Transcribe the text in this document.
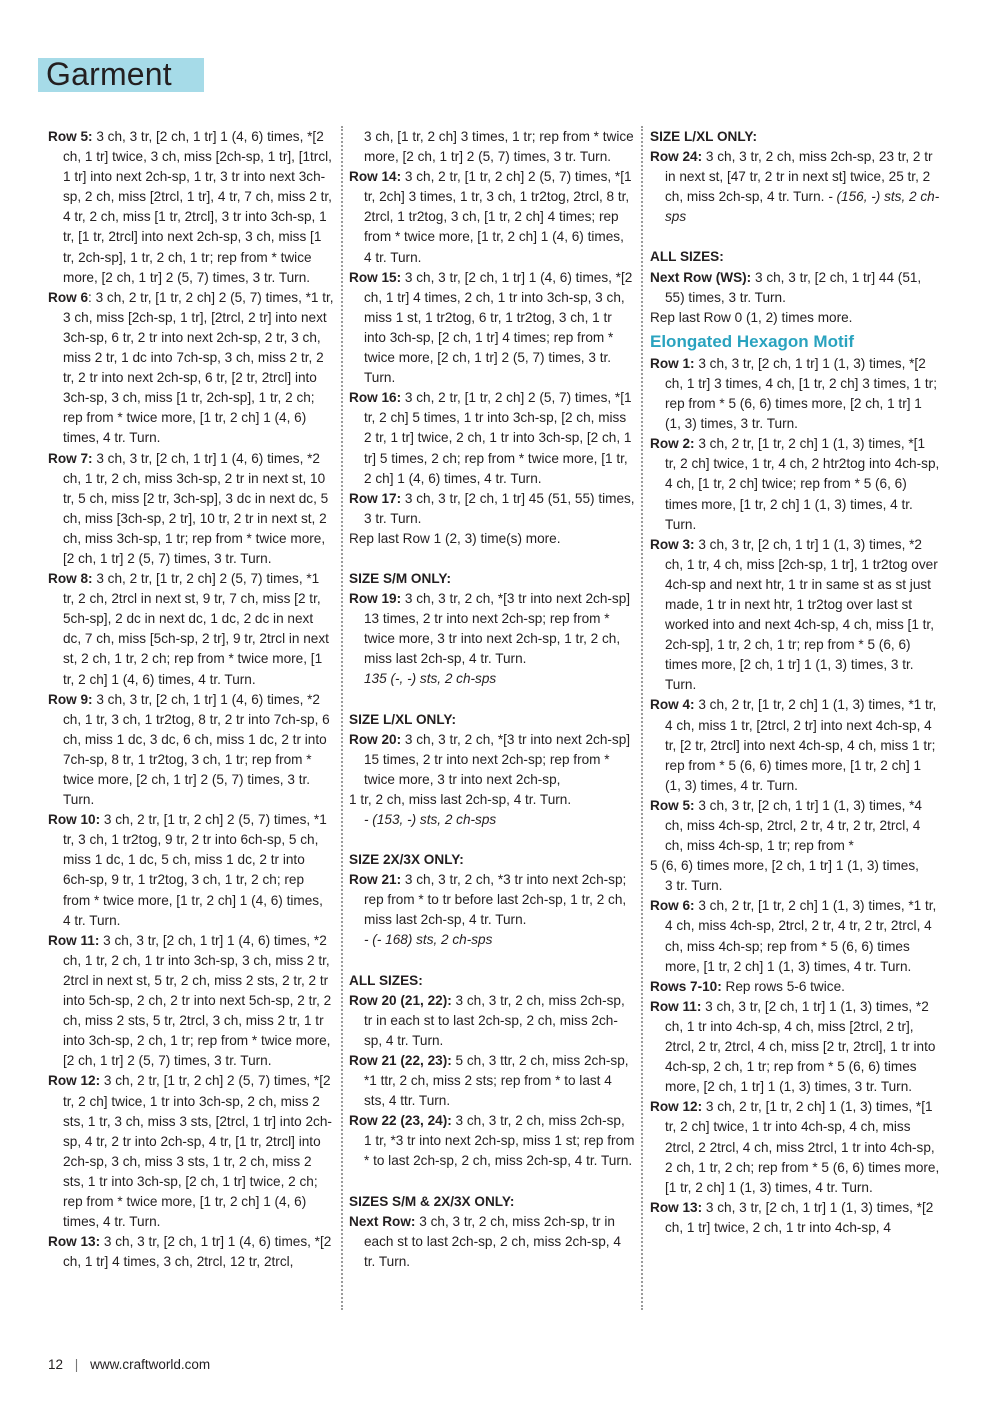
Garment

Row 5: 3 ch, 3 tr, [2 ch, 1 tr] 1 (4, 6) times, *[2 ch, 1 tr] twice, 3 ch, miss [2ch-sp, 1 tr], [1trcl, 1 tr] into next 2ch-sp, 1 tr, 3 tr into next 3ch-sp, 2 ch, miss [2trcl, 1 tr], 4 tr, 7 ch, miss 2 tr, 4 tr, 2 ch, miss [1 tr, 2trcl], 3 tr into 3ch-sp, 1 tr, [1 tr, 2trcl] into next 2ch-sp, 3 ch, miss [1 tr, 2ch-sp], 1 tr, 2 ch, 1 tr; rep from * twice more, [2 ch, 1 tr] 2 (5, 7) times, 3 tr. Turn.

Row 6: 3 ch, 2 tr, [1 tr, 2 ch] 2 (5, 7) times, *1 tr, 3 ch, miss [2ch-sp, 1 tr], [2trcl, 2 tr] into next 3ch-sp, 6 tr, 2 tr into next 2ch-sp, 2 tr, 3 ch, miss 2 tr, 1 dc into 7ch-sp, 3 ch, miss 2 tr, 2 tr, 2 tr into next 2ch-sp, 6 tr, [2 tr, 2trcl] into 3ch-sp, 3 ch, miss [1 tr, 2ch-sp], 1 tr, 2 ch; rep from * twice more, [1 tr, 2 ch] 1 (4, 6) times, 4 tr. Turn.

Row 7: 3 ch, 3 tr, [2 ch, 1 tr] 1 (4, 6) times, *2 ch, 1 tr, 2 ch, miss 3ch-sp, 2 tr in next st, 10 tr, 5 ch, miss [2 tr, 3ch-sp], 3 dc in next dc, 5 ch, miss [3ch-sp, 2 tr], 10 tr, 2 tr in next st, 2 ch, miss 3ch-sp, 1 tr; rep from * twice more, [2 ch, 1 tr] 2 (5, 7) times, 3 tr. Turn.

Row 8: 3 ch, 2 tr, [1 tr, 2 ch] 2 (5, 7) times, *1 tr, 2 ch, 2trcl in next st, 9 tr, 7 ch, miss [2 tr, 5ch-sp], 2 dc in next dc, 1 dc, 2 dc in next dc, 7 ch, miss [5ch-sp, 2 tr], 9 tr, 2trcl in next st, 2 ch, 1 tr, 2 ch; rep from * twice more, [1 tr, 2 ch] 1 (4, 6) times, 4 tr. Turn.

Row 9: 3 ch, 3 tr, [2 ch, 1 tr] 1 (4, 6) times, *2 ch, 1 tr, 3 ch, 1 tr2tog, 8 tr, 2 tr into 7ch-sp, 6 ch, miss 1 dc, 3 dc, 6 ch, miss 1 dc, 2 tr into 7ch-sp, 8 tr, 1 tr2tog, 3 ch, 1 tr; rep from * twice more, [2 ch, 1 tr] 2 (5, 7) times, 3 tr. Turn.

Row 10: 3 ch, 2 tr, [1 tr, 2 ch] 2 (5, 7) times, *1 tr, 3 ch, 1 tr2tog, 9 tr, 2 tr into 6ch-sp, 5 ch, miss 1 dc, 1 dc, 5 ch, miss 1 dc, 2 tr into 6ch-sp, 9 tr, 1 tr2tog, 3 ch, 1 tr, 2 ch; rep from * twice more, [1 tr, 2 ch] 1 (4, 6) times, 4 tr. Turn.

Row 11: 3 ch, 3 tr, [2 ch, 1 tr] 1 (4, 6) times, *2 ch, 1 tr, 2 ch, 1 tr into 3ch-sp, 3 ch, miss 2 tr, 2trcl in next st, 5 tr, 2 ch, miss 2 sts, 2 tr, 2 tr into 5ch-sp, 2 ch, 2 tr into next 5ch-sp, 2 tr, 2 ch, miss 2 sts, 5 tr, 2trcl, 3 ch, miss 2 tr, 1 tr into 3ch-sp, 2 ch, 1 tr; rep from * twice more, [2 ch, 1 tr] 2 (5, 7) times, 3 tr. Turn.

Row 12: 3 ch, 2 tr, [1 tr, 2 ch] 2 (5, 7) times, *[2 tr, 2 ch] twice, 1 tr into 3ch-sp, 2 ch, miss 2 sts, 1 tr, 3 ch, miss 3 sts, [2trcl, 1 tr] into 2ch-sp, 4 tr, 2 tr into 2ch-sp, 4 tr, [1 tr, 2trcl] into 2ch-sp, 3 ch, miss 3 sts, 1 tr, 2 ch, miss 2 sts, 1 tr into 3ch-sp, [2 ch, 1 tr] twice, 2 ch; rep from * twice more, [1 tr, 2 ch] 1 (4, 6) times, 4 tr. Turn.

Row 13: 3 ch, 3 tr, [2 ch, 1 tr] 1 (4, 6) times, *[2 ch, 1 tr] 4 times, 3 ch, 2trcl, 12 tr, 2trcl,

3 ch, [1 tr, 2 ch] 3 times, 1 tr; rep from * twice more, [2 ch, 1 tr] 2 (5, 7) times, 3 tr. Turn.

Row 14: 3 ch, 2 tr, [1 tr, 2 ch] 2 (5, 7) times, *[1 tr, 2ch] 3 times, 1 tr, 3 ch, 1 tr2tog, 2trcl, 8 tr, 2trcl, 1 tr2tog, 3 ch, [1 tr, 2 ch] 4 times; rep from * twice more, [1 tr, 2 ch] 1 (4, 6) times, 4 tr. Turn.

Row 15: 3 ch, 3 tr, [2 ch, 1 tr] 1 (4, 6) times, *[2 ch, 1 tr] 4 times, 2 ch, 1 tr into 3ch-sp, 3 ch, miss 1 st, 1 tr2tog, 6 tr, 1 tr2tog, 3 ch, 1 tr into 3ch-sp, [2 ch, 1 tr] 4 times; rep from * twice more, [2 ch, 1 tr] 2 (5, 7) times, 3 tr. Turn.

Row 16: 3 ch, 2 tr, [1 tr, 2 ch] 2 (5, 7) times, *[1 tr, 2 ch] 5 times, 1 tr into 3ch-sp, [2 ch, miss 2 tr, 1 tr] twice, 2 ch, 1 tr into 3ch-sp, [2 ch, 1 tr] 5 times, 2 ch; rep from * twice more, [1 tr, 2 ch] 1 (4, 6) times, 4 tr. Turn.

Row 17: 3 ch, 3 tr, [2 ch, 1 tr] 45 (51, 55) times, 3 tr. Turn.

Rep last Row 1 (2, 3) time(s) more.

SIZE S/M ONLY:

Row 19: 3 ch, 3 tr, 2 ch, *[3 tr into next 2ch-sp] 13 times, 2 tr into next 2ch-sp; rep from * twice more, 3 tr into next 2ch-sp, 1 tr, 2 ch, miss last 2ch-sp, 4 tr. Turn.

135 (-, -) sts, 2 ch-sps

SIZE L/XL ONLY:

Row 20: 3 ch, 3 tr, 2 ch, *[3 tr into next 2ch-sp] 15 times, 2 tr into next 2ch-sp; rep from * twice more, 3 tr into next 2ch-sp,

1 tr, 2 ch, miss last 2ch-sp, 4 tr. Turn.

- (153, -) sts, 2 ch-sps

SIZE 2X/3X ONLY:

Row 21: 3 ch, 3 tr, 2 ch, *3 tr into next 2ch-sp; rep from * to tr before last 2ch-sp, 1 tr, 2 ch, miss last 2ch-sp, 4 tr. Turn.

- (- 168) sts, 2 ch-sps

ALL SIZES:

Row 20 (21, 22): 3 ch, 3 tr, 2 ch, miss 2ch-sp, tr in each st to last 2ch-sp, 2 ch, miss 2ch-sp, 4 tr. Turn.

Row 21 (22, 23): 5 ch, 3 ttr, 2 ch, miss 2ch-sp, *1 ttr, 2 ch, miss 2 sts; rep from * to last 4 sts, 4 ttr. Turn.

Row 22 (23, 24): 3 ch, 3 tr, 2 ch, miss 2ch-sp, 1 tr, *3 tr into next 2ch-sp, miss 1 st; rep from * to last 2ch-sp, 2 ch, miss 2ch-sp, 4 tr. Turn.

SIZES S/M & 2X/3X ONLY:

Next Row: 3 ch, 3 tr, 2 ch, miss 2ch-sp, tr in each st to last 2ch-sp, 2 ch, miss 2ch-sp, 4 tr. Turn.

SIZE L/XL ONLY:

Row 24: 3 ch, 3 tr, 2 ch, miss 2ch-sp, 23 tr, 2 tr in next st, [47 tr, 2 tr in next st] twice, 25 tr, 2 ch, miss 2ch-sp, 4 tr. Turn. - (156, -) sts, 2 ch-sps

ALL SIZES:

Next Row (WS): 3 ch, 3 tr, [2 ch, 1 tr] 44 (51, 55) times, 3 tr. Turn.

Rep last Row 0 (1, 2) times more.

Elongated Hexagon Motif

Row 1: 3 ch, 3 tr, [2 ch, 1 tr] 1 (1, 3) times, *[2 ch, 1 tr] 3 times, 4 ch, [1 tr, 2 ch] 3 times, 1 tr; rep from * 5 (6, 6) times more, [2 ch, 1 tr] 1 (1, 3) times, 3 tr. Turn.

Row 2: 3 ch, 2 tr, [1 tr, 2 ch] 1 (1, 3) times, *[1 tr, 2 ch] twice, 1 tr, 4 ch, 2 htr2tog into 4ch-sp, 4 ch, [1 tr, 2 ch] twice; rep from * 5 (6, 6) times more, [1 tr, 2 ch] 1 (1, 3) times, 4 tr. Turn.

Row 3: 3 ch, 3 tr, [2 ch, 1 tr] 1 (1, 3) times, *2 ch, 1 tr, 4 ch, miss [2ch-sp, 1 tr], 1 tr2tog over 4ch-sp and next htr, 1 tr in same st as st just made, 1 tr in next htr, 1 tr2tog over last st worked into and next 4ch-sp, 4 ch, miss [1 tr, 2ch-sp], 1 tr, 2 ch, 1 tr; rep from * 5 (6, 6) times more, [2 ch, 1 tr] 1 (1, 3) times, 3 tr. Turn.

Row 4: 3 ch, 2 tr, [1 tr, 2 ch] 1 (1, 3) times, *1 tr, 4 ch, miss 1 tr, [2trcl, 2 tr] into next 4ch-sp, 4 tr, [2 tr, 2trcl] into next 4ch-sp, 4 ch, miss 1 tr; rep from * 5 (6, 6) times more, [1 tr, 2 ch] 1 (1, 3) times, 4 tr. Turn.

Row 5: 3 ch, 3 tr, [2 ch, 1 tr] 1 (1, 3) times, *4 ch, miss 4ch-sp, 2trcl, 2 tr, 4 tr, 2 tr, 2trcl, 4 ch, miss 4ch-sp, 1 tr; rep from *

5 (6, 6) times more, [2 ch, 1 tr] 1 (1, 3) times,

3 tr. Turn.

Row 6: 3 ch, 2 tr, [1 tr, 2 ch] 1 (1, 3) times, *1 tr, 4 ch, miss 4ch-sp, 2trcl, 2 tr, 4 tr, 2 tr, 2trcl, 4 ch, miss 4ch-sp; rep from * 5 (6, 6) times more, [1 tr, 2 ch] 1 (1, 3) times, 4 tr. Turn.

Rows 7-10: Rep rows 5-6 twice.

Row 11: 3 ch, 3 tr, [2 ch, 1 tr] 1 (1, 3) times, *2 ch, 1 tr into 4ch-sp, 4 ch, miss [2trcl, 2 tr], 2trcl, 2 tr, 2trcl, 4 ch, miss [2 tr, 2trcl], 1 tr into 4ch-sp, 2 ch, 1 tr; rep from * 5 (6, 6) times more, [2 ch, 1 tr] 1 (1, 3) times, 3 tr. Turn.

Row 12: 3 ch, 2 tr, [1 tr, 2 ch] 1 (1, 3) times, *[1 tr, 2 ch] twice, 1 tr into 4ch-sp, 4 ch, miss 2trcl, 2 2trcl, 4 ch, miss 2trcl, 1 tr into 4ch-sp, 2 ch, 1 tr, 2 ch; rep from * 5 (6, 6) times more, [1 tr, 2 ch] 1 (1, 3) times, 4 tr. Turn.

Row 13: 3 ch, 3 tr, [2 ch, 1 tr] 1 (1, 3) times, *[2 ch, 1 tr] twice, 2 ch, 1 tr into 4ch-sp, 4

12 | www.craftworld.com
